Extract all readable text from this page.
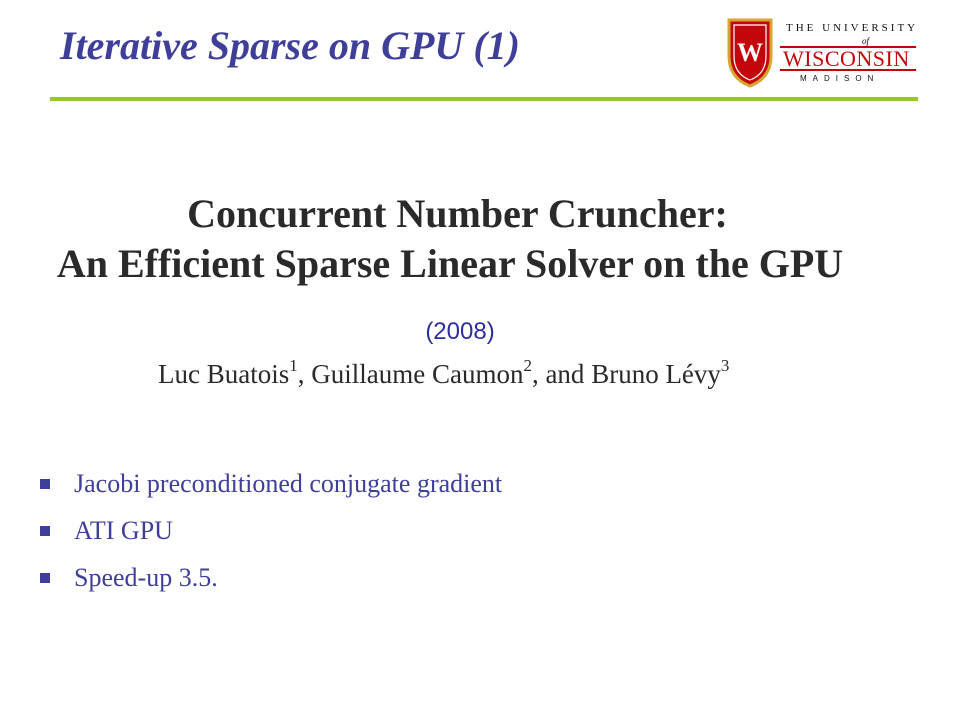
Iterative Sparse on GPU (1)	W
THE UNIVERSITY
of
WISCONSIN
MADISON
Concurrent Number Cruncher:
An Efficient Sparse Linear Solver on the GPU
(2008)
Luc Buatois$^1$, Guillaume Caumon$^2$, and Bruno Lévy$^3$
Jacobi preconditioned conjugate gradient
ATI GPU
Speed-up 3.5.
